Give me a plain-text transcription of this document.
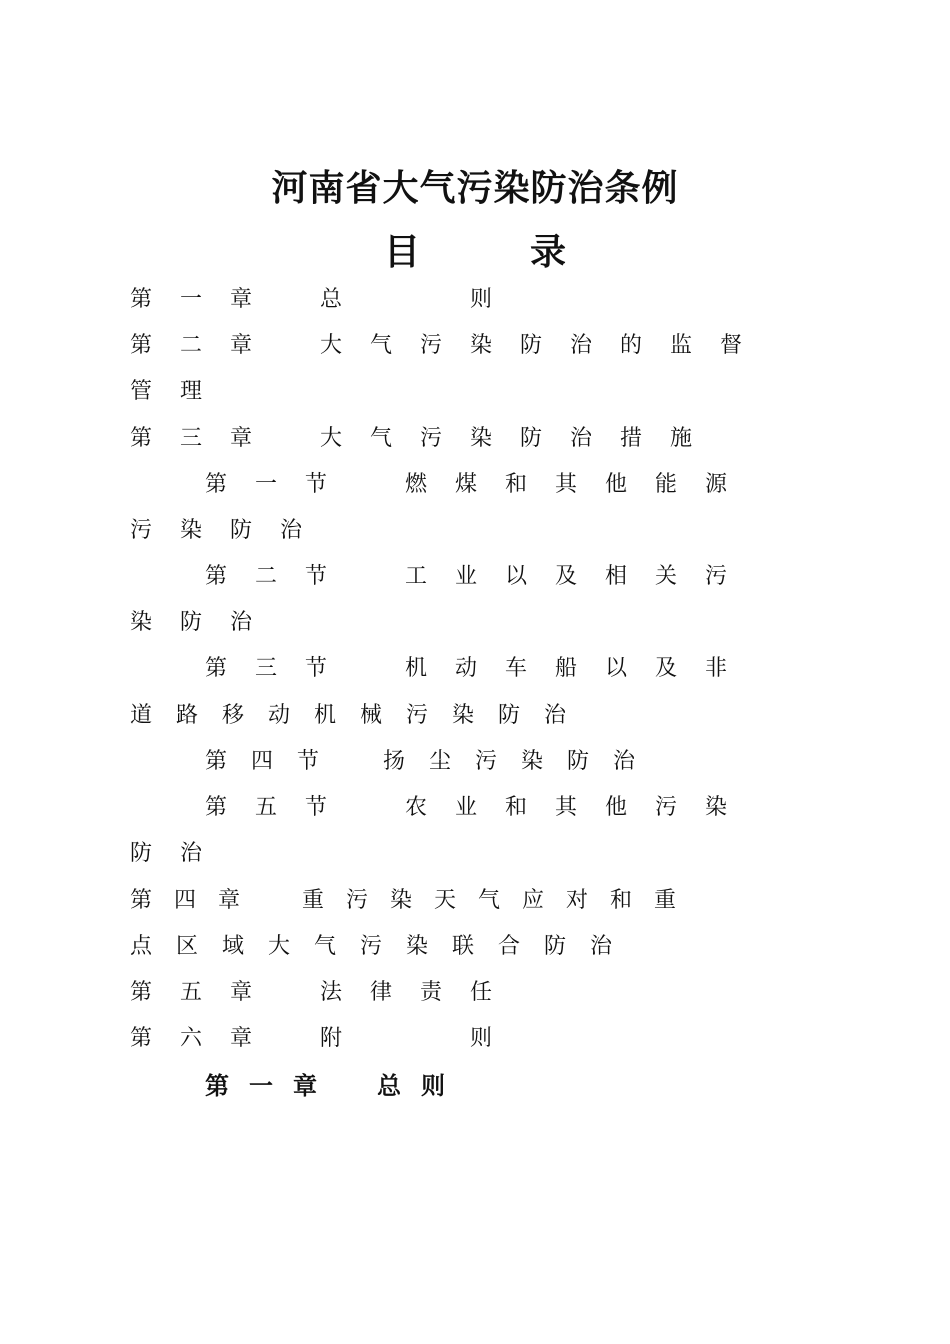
河南省大气污染防治条例
目	录
第一章 总　　则
第二章 大气污染防治的监督
管理
第三章 大气污染防治措施
第一节 燃煤和其他能源
污染防治
第二节 工业以及相关污
染防治
第三节 机动车船以及非
道路移动机械污染防治
第四节 扬尘污染防治
第五节 农业和其他污染
防治
第四章 重污染天气应对和重
点区域大气污染联合防治
第五章 法律责任
第六章 附　　则
第一章 总则
